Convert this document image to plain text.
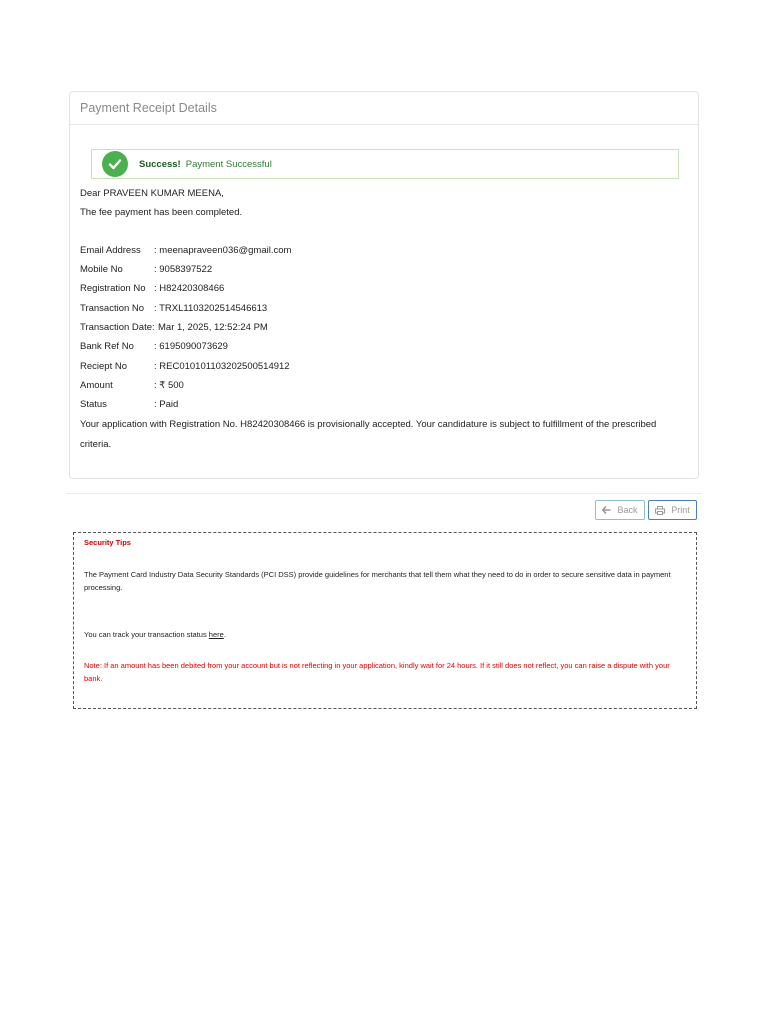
Payment Receipt Details
Success! Payment Successful
Dear PRAVEEN KUMAR MEENA,
The fee payment has been completed.
Email Address	: meenapraveen036@gmail.com
Mobile No	: 9058397522
Registration No : H82420308466
Transaction No	: TRXL1103202514546613
Transaction Date: Mar 1, 2025, 12:52:24 PM
Bank Ref No	: 6195090073629
Reciept No	: REC010101103202500514912
Amount	: ₹ 500
Status	: Paid
Your application with Registration No. H82420308466 is provisionally accepted. Your candidature is subject to fulfillment of the prescribed criteria.
Back	Print
Security Tips
The Payment Card Industry Data Security Standards (PCI DSS) provide guidelines for merchants that tell them what they need to do in order to secure sensitive data in payment processing.
You can track your transaction status here.
Note: If an amount has been debited from your account but is not reflecting in your application, kindly wait for 24 hours. If it still does not reflect, you can raise a dispute with your bank.
